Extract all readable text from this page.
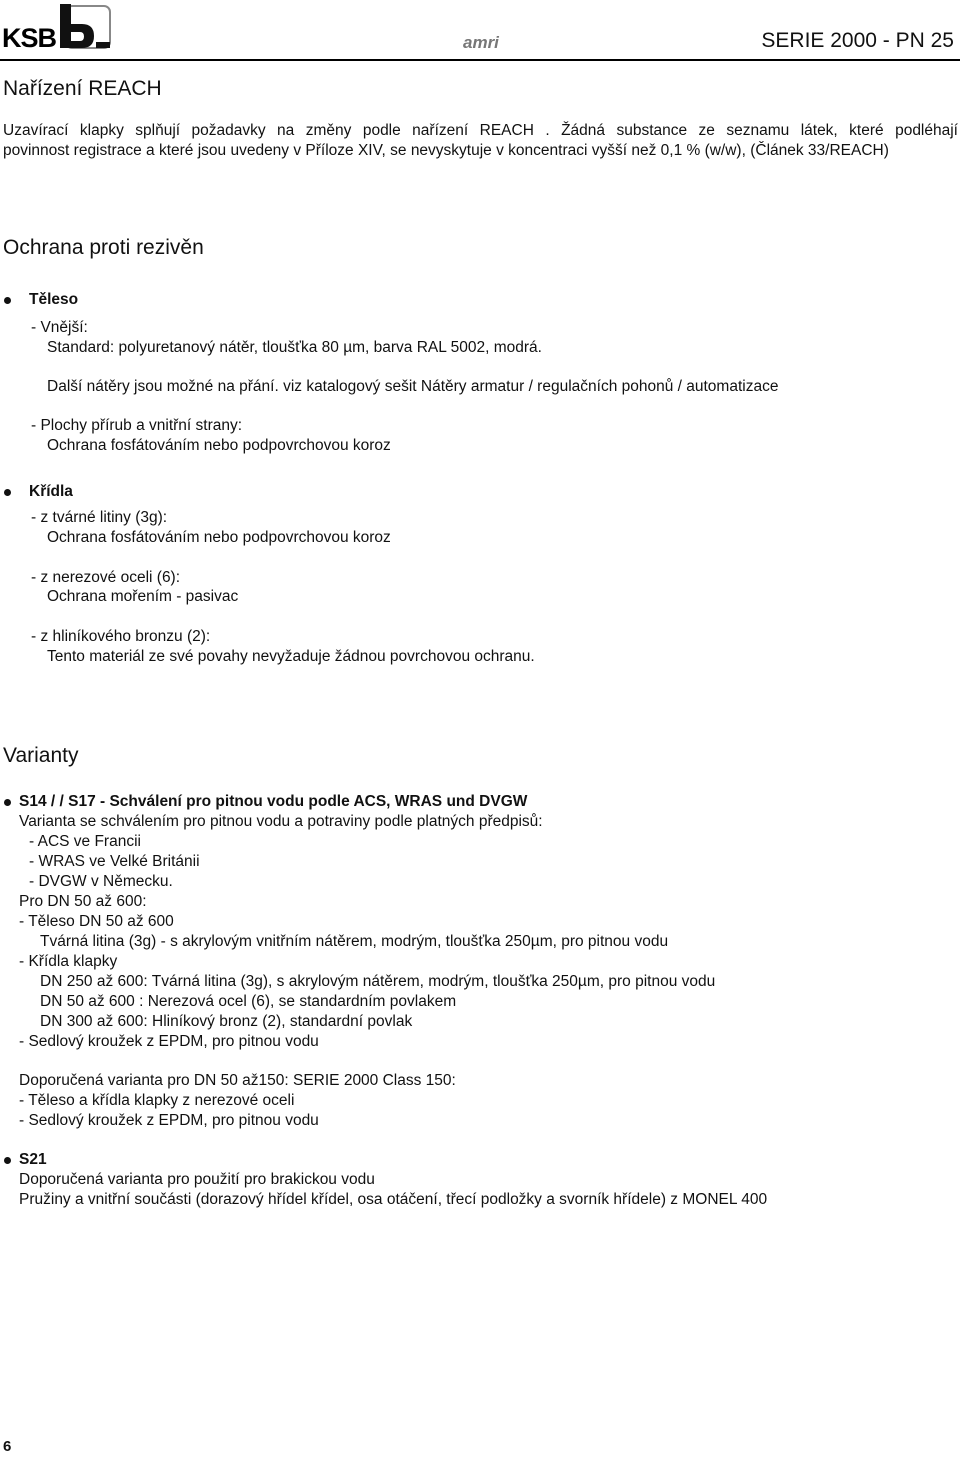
KSB	amri	SERIE 2000 - PN 25
Nařízení REACH

Uzavírací klapky splňují požadavky na změny podle nařízení REACH . Žádná substance ze seznamu látek, které podléhají

povinnost registrace a které jsou uvedeny v Příloze XIV, se nevyskytuje v koncentraci vyšší než 0,1 % (w/w), (Článek 33/REACH)

Ochrana proti rezivěn

Těleso

- Vnější:

Standard: polyuretanový nátěr, tloušťka 80 µm, barva RAL 5002, modrá.

Další nátěry jsou možné na přání. viz katalogový sešit Nátěry armatur / regulačních pohonů / automatizace

- Plochy přírub a vnitřní strany:

Ochrana fosfátováním nebo podpovrchovou koroz

Křídla

- z tvárné litiny (3g):

Ochrana fosfátováním nebo podpovrchovou koroz

- z nerezové oceli (6):

Ochrana mořením - pasivac

- z hliníkového bronzu (2):

Tento materiál ze své povahy nevyžaduje žádnou povrchovou ochranu.

Varianty

S14 / / S17 - Schválení pro pitnou vodu podle ACS, WRAS und DVGW

Varianta se schválením pro pitnou vodu a potraviny podle platných předpisů:

- ACS ve Francii

- WRAS ve Velké Británii

- DVGW v Německu.

Pro DN 50 až 600:

- Těleso DN 50 až 600

Tvárná litina (3g) - s akrylovým vnitřním nátěrem, modrým, tloušťka 250µm, pro pitnou vodu

- Křídla klapky

DN 250 až 600: Tvárná litina (3g), s akrylovým nátěrem, modrým, tloušťka 250µm, pro pitnou vodu

DN 50 až 600 : Nerezová ocel (6), se standardním povlakem

DN 300 až 600: Hliníkový bronz (2), standardní povlak

- Sedlový kroužek z EPDM, pro pitnou vodu

Doporučená varianta pro DN 50 až150: SERIE 2000 Class 150:

- Těleso a křídla klapky z nerezové oceli

- Sedlový kroužek z EPDM, pro pitnou vodu

S21

Doporučená varianta pro použití pro brakickou vodu

Pružiny a vnitřní součásti (dorazový hřídel křídel, osa otáčení, třecí podložky a svorník hřídele) z MONEL 400

6
